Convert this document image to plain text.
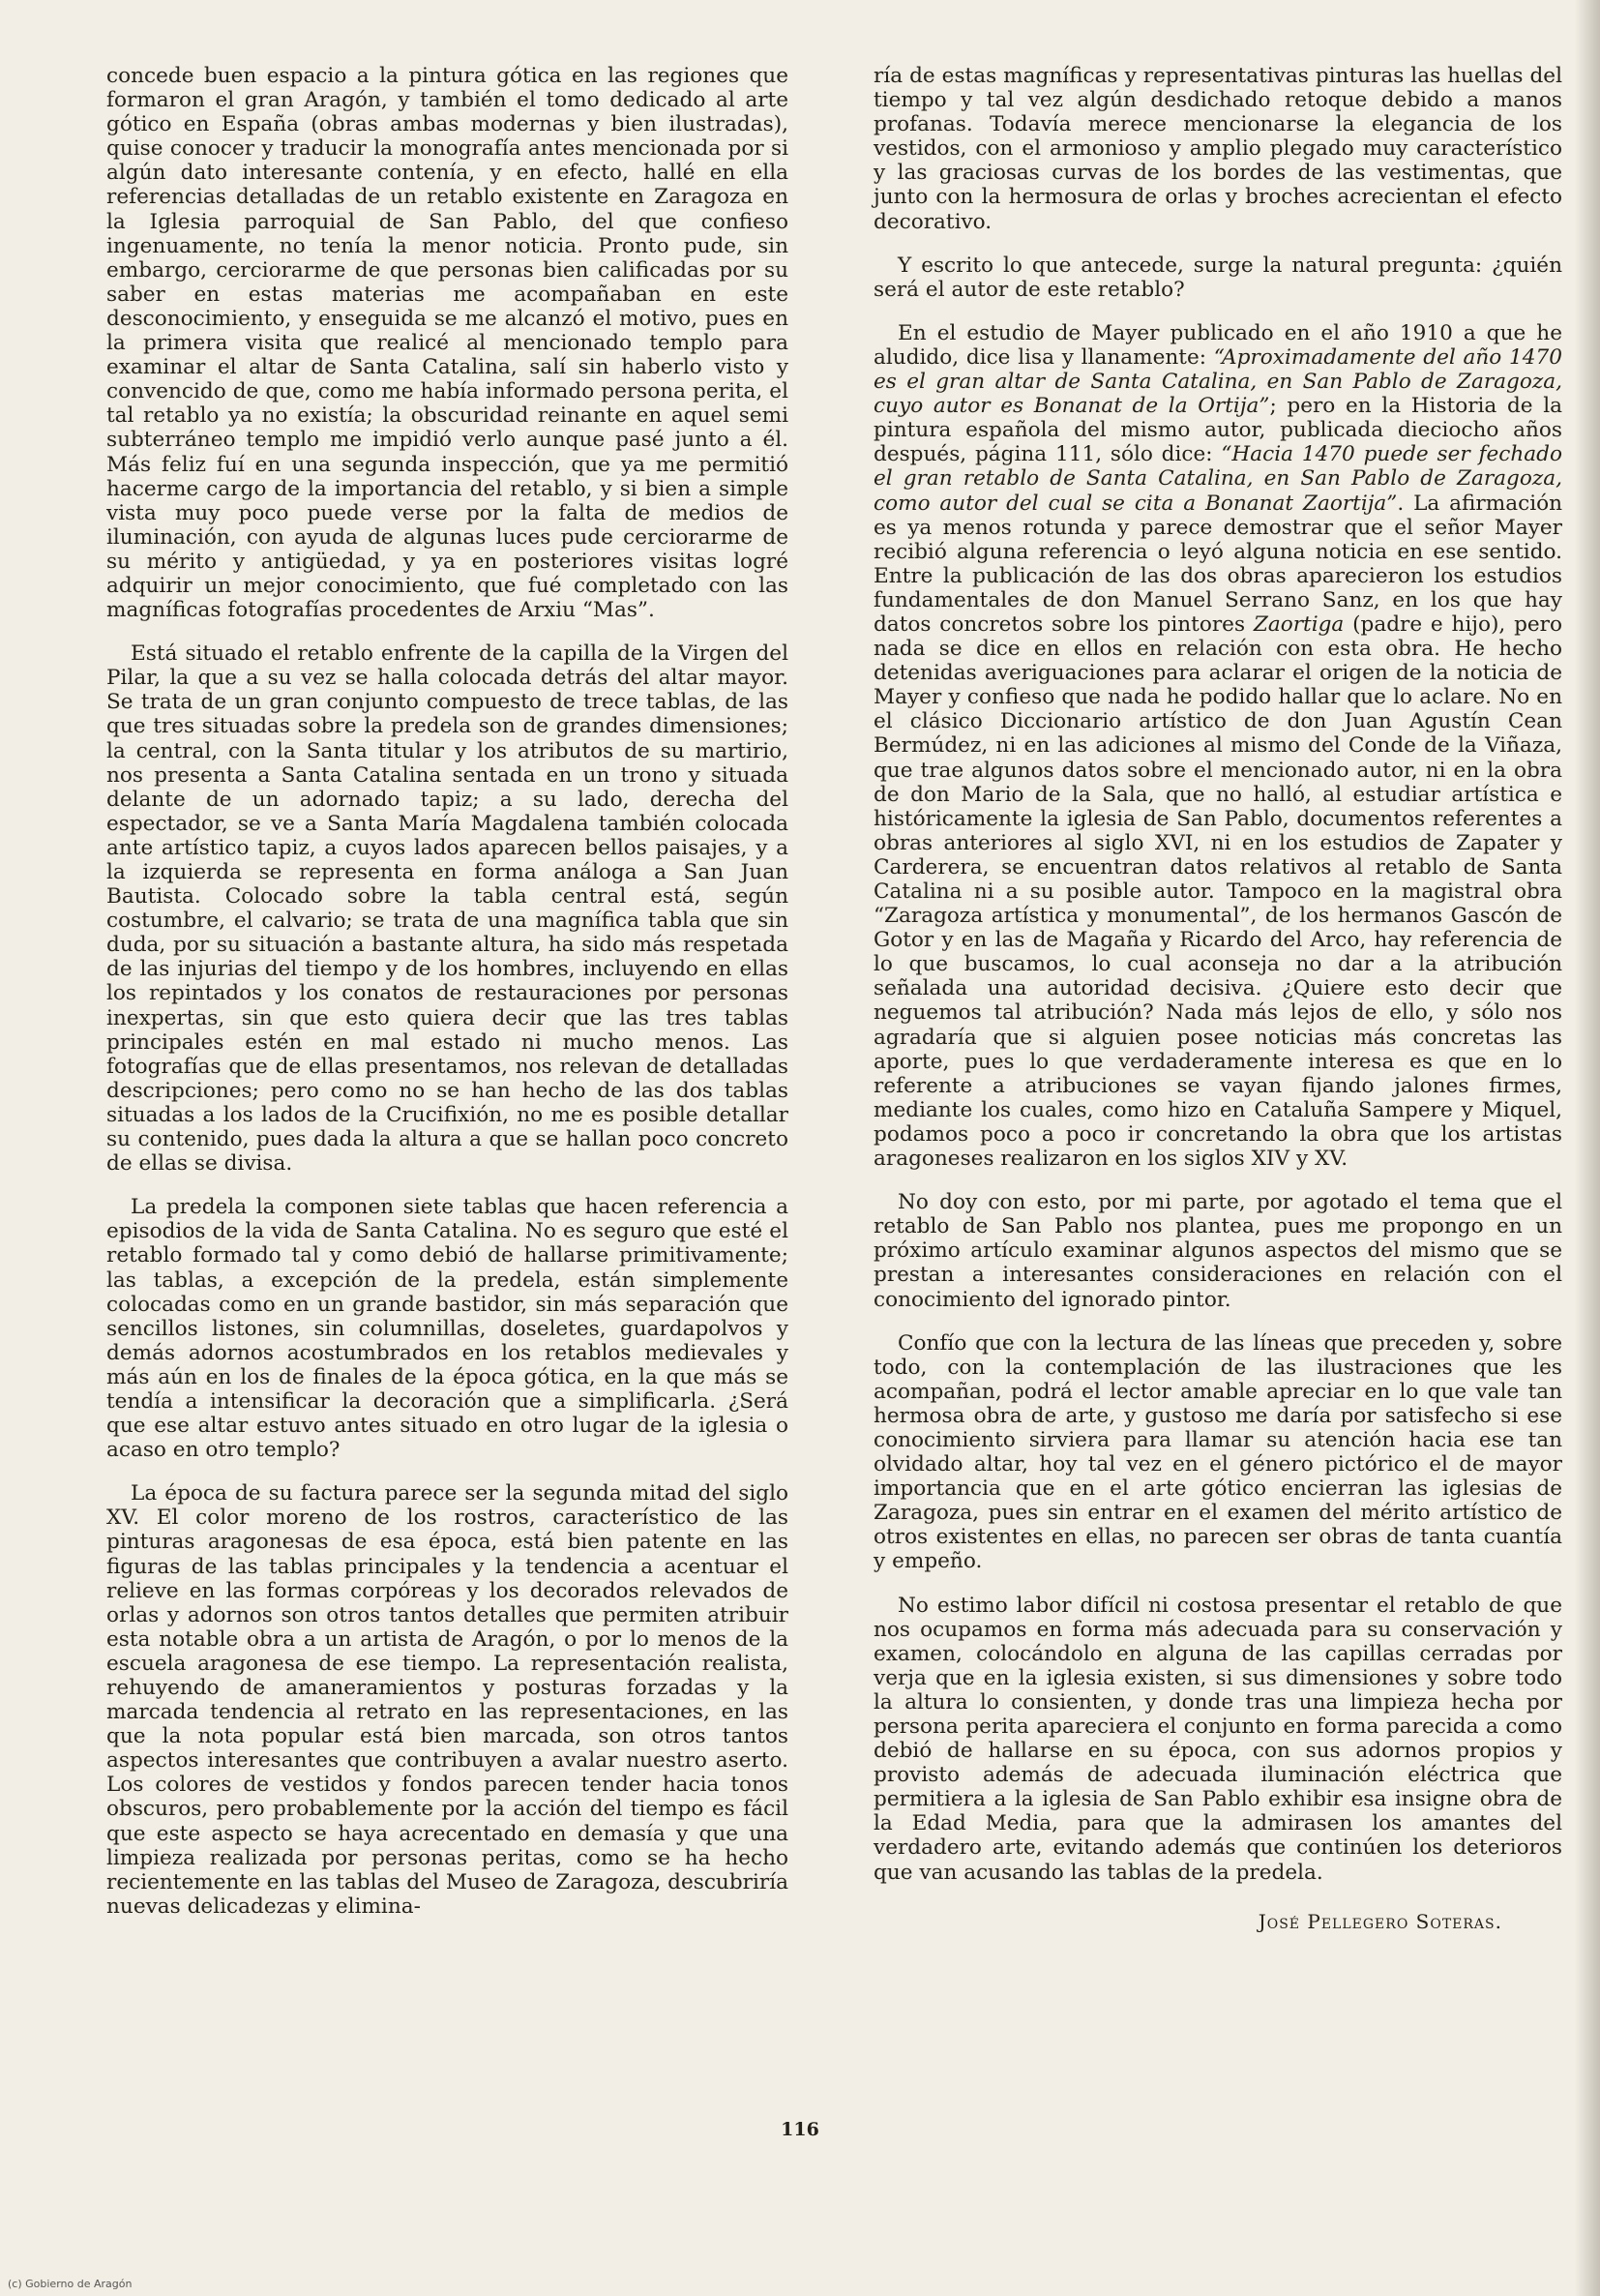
concede buen espacio a la pintura gótica en las regiones que formaron el gran Aragón, y también el tomo dedicado al arte gótico en España (obras ambas modernas y bien ilustradas), quise conocer y traducir la monografía antes mencionada por si algún dato interesante contenía, y en efecto, hallé en ella referencias detalladas de un retablo existente en Zaragoza en la Iglesia parroquial de San Pablo, del que confieso ingenuamente, no tenía la menor noticia. Pronto pude, sin embargo, cerciorarme de que personas bien calificadas por su saber en estas materias me acompañaban en este desconocimiento, y enseguida se me alcanzó el motivo, pues en la primera visita que realicé al mencionado templo para examinar el altar de Santa Catalina, salí sin haberlo visto y convencido de que, como me había informado persona perita, el tal retablo ya no existía; la obscuridad reinante en aquel semi subterráneo templo me impidió verlo aunque pasé junto a él. Más feliz fuí en una segunda inspección, que ya me permitió hacerme cargo de la importancia del retablo, y si bien a simple vista muy poco puede verse por la falta de medios de iluminación, con ayuda de algunas luces pude cerciorarme de su mérito y antigüedad, y ya en posteriores visitas logré adquirir un mejor conocimiento, que fué completado con las magníficas fotografías procedentes de Arxiu “Mas”.

Está situado el retablo enfrente de la capilla de la Virgen del Pilar, la que a su vez se halla colocada detrás del altar mayor. Se trata de un gran conjunto compuesto de trece tablas, de las que tres situadas sobre la predela son de grandes dimensiones; la central, con la Santa titular y los atributos de su martirio, nos presenta a Santa Catalina sentada en un trono y situada delante de un adornado tapiz; a su lado, derecha del espectador, se ve a Santa María Magdalena también colocada ante artístico tapiz, a cuyos lados aparecen bellos paisajes, y a la izquierda se representa en forma análoga a San Juan Bautista. Colocado sobre la tabla central está, según costumbre, el calvario; se trata de una magnífica tabla que sin duda, por su situación a bastante altura, ha sido más respetada de las injurias del tiempo y de los hombres, incluyendo en ellas los repintados y los conatos de restauraciones por personas inexpertas, sin que esto quiera decir que las tres tablas principales estén en mal estado ni mucho menos. Las fotografías que de ellas presentamos, nos relevan de detalladas descripciones; pero como no se han hecho de las dos tablas situadas a los lados de la Crucifixión, no me es posible detallar su contenido, pues dada la altura a que se hallan poco concreto de ellas se divisa.

La predela la componen siete tablas que hacen referencia a episodios de la vida de Santa Catalina. No es seguro que esté el retablo formado tal y como debió de hallarse primitivamente; las tablas, a excepción de la predela, están simplemente colocadas como en un grande bastidor, sin más separación que sencillos listones, sin columnillas, doseletes, guardapolvos y demás adornos acostumbrados en los retablos medievales y más aún en los de finales de la época gótica, en la que más se tendía a intensificar la decoración que a simplificarla. ¿Será que ese altar estuvo antes situado en otro lugar de la iglesia o acaso en otro templo?

La época de su factura parece ser la segunda mitad del siglo XV. El color moreno de los rostros, característico de las pinturas aragonesas de esa época, está bien patente en las figuras de las tablas principales y la tendencia a acentuar el relieve en las formas corpóreas y los decorados relevados de orlas y adornos son otros tantos detalles que permiten atribuir esta notable obra a un artista de Aragón, o por lo menos de la escuela aragonesa de ese tiempo. La representación realista, rehuyendo de amaneramientos y posturas forzadas y la marcada tendencia al retrato en las representaciones, en las que la nota popular está bien marcada, son otros tantos aspectos interesantes que contribuyen a avalar nuestro aserto. Los colores de vestidos y fondos parecen tender hacia tonos obscuros, pero probablemente por la acción del tiempo es fácil que este aspecto se haya acrecentado en demasía y que una limpieza realizada por personas peritas, como se ha hecho recientemente en las tablas del Museo de Zaragoza, descubriría nuevas delicadezas y elimina-

ría de estas magníficas y representativas pinturas las huellas del tiempo y tal vez algún desdichado retoque debido a manos profanas. Todavía merece mencionarse la elegancia de los vestidos, con el armonioso y amplio plegado muy característico y las graciosas curvas de los bordes de las vestimentas, que junto con la hermosura de orlas y broches acrecientan el efecto decorativo.

Y escrito lo que antecede, surge la natural pregunta: ¿quién será el autor de este retablo?

En el estudio de Mayer publicado en el año 1910 a que he aludido, dice lisa y llanamente: “Aproximadamente del año 1470 es el gran altar de Santa Catalina, en San Pablo de Zaragoza, cuyo autor es Bonanat de la Ortija”; pero en la Historia de la pintura española del mismo autor, publicada dieciocho años después, página 111, sólo dice: “Hacia 1470 puede ser fechado el gran retablo de Santa Catalina, en San Pablo de Zaragoza, como autor del cual se cita a Bonanat Zaortija”. La afirmación es ya menos rotunda y parece demostrar que el señor Mayer recibió alguna referencia o leyó alguna noticia en ese sentido. Entre la publicación de las dos obras aparecieron los estudios fundamentales de don Manuel Serrano Sanz, en los que hay datos concretos sobre los pintores Zaortiga (padre e hijo), pero nada se dice en ellos en relación con esta obra. He hecho detenidas averiguaciones para aclarar el origen de la noticia de Mayer y confieso que nada he podido hallar que lo aclare. No en el clásico Diccionario artístico de don Juan Agustín Cean Bermúdez, ni en las adiciones al mismo del Conde de la Viñaza, que trae algunos datos sobre el mencionado autor, ni en la obra de don Mario de la Sala, que no halló, al estudiar artística e históricamente la iglesia de San Pablo, documentos referentes a obras anteriores al siglo XVI, ni en los estudios de Zapater y Carderera, se encuentran datos relativos al retablo de Santa Catalina ni a su posible autor. Tampoco en la magistral obra “Zaragoza artística y monumental”, de los hermanos Gascón de Gotor y en las de Magaña y Ricardo del Arco, hay referencia de lo que buscamos, lo cual aconseja no dar a la atribución señalada una autoridad decisiva. ¿Quiere esto decir que neguemos tal atribución? Nada más lejos de ello, y sólo nos agradaría que si alguien posee noticias más concretas las aporte, pues lo que verdaderamente interesa es que en lo referente a atribuciones se vayan fijando jalones firmes, mediante los cuales, como hizo en Cataluña Sampere y Miquel, podamos poco a poco ir concretando la obra que los artistas aragoneses realizaron en los siglos XIV y XV.

No doy con esto, por mi parte, por agotado el tema que el retablo de San Pablo nos plantea, pues me propongo en un próximo artículo examinar algunos aspectos del mismo que se prestan a interesantes consideraciones en relación con el conocimiento del ignorado pintor.

Confío que con la lectura de las líneas que preceden y, sobre todo, con la contemplación de las ilustraciones que les acompañan, podrá el lector amable apreciar en lo que vale tan hermosa obra de arte, y gustoso me daría por satisfecho si ese conocimiento sirviera para llamar su atención hacia ese tan olvidado altar, hoy tal vez en el género pictórico el de mayor importancia que en el arte gótico encierran las iglesias de Zaragoza, pues sin entrar en el examen del mérito artístico de otros existentes en ellas, no parecen ser obras de tanta cuantía y empeño.

No estimo labor difícil ni costosa presentar el retablo de que nos ocupamos en forma más adecuada para su conservación y examen, colocándolo en alguna de las capillas cerradas por verja que en la iglesia existen, si sus dimensiones y sobre todo la altura lo consienten, y donde tras una limpieza hecha por persona perita apareciera el conjunto en forma parecida a como debió de hallarse en su época, con sus adornos propios y provisto además de adecuada iluminación eléctrica que permitiera a la iglesia de San Pablo exhibir esa insigne obra de la Edad Media, para que la admirasen los amantes del verdadero arte, evitando además que continúen los deterioros que van acusando las tablas de la predela.

José Pellegero Soteras.
116
(c) Gobierno de Aragón
